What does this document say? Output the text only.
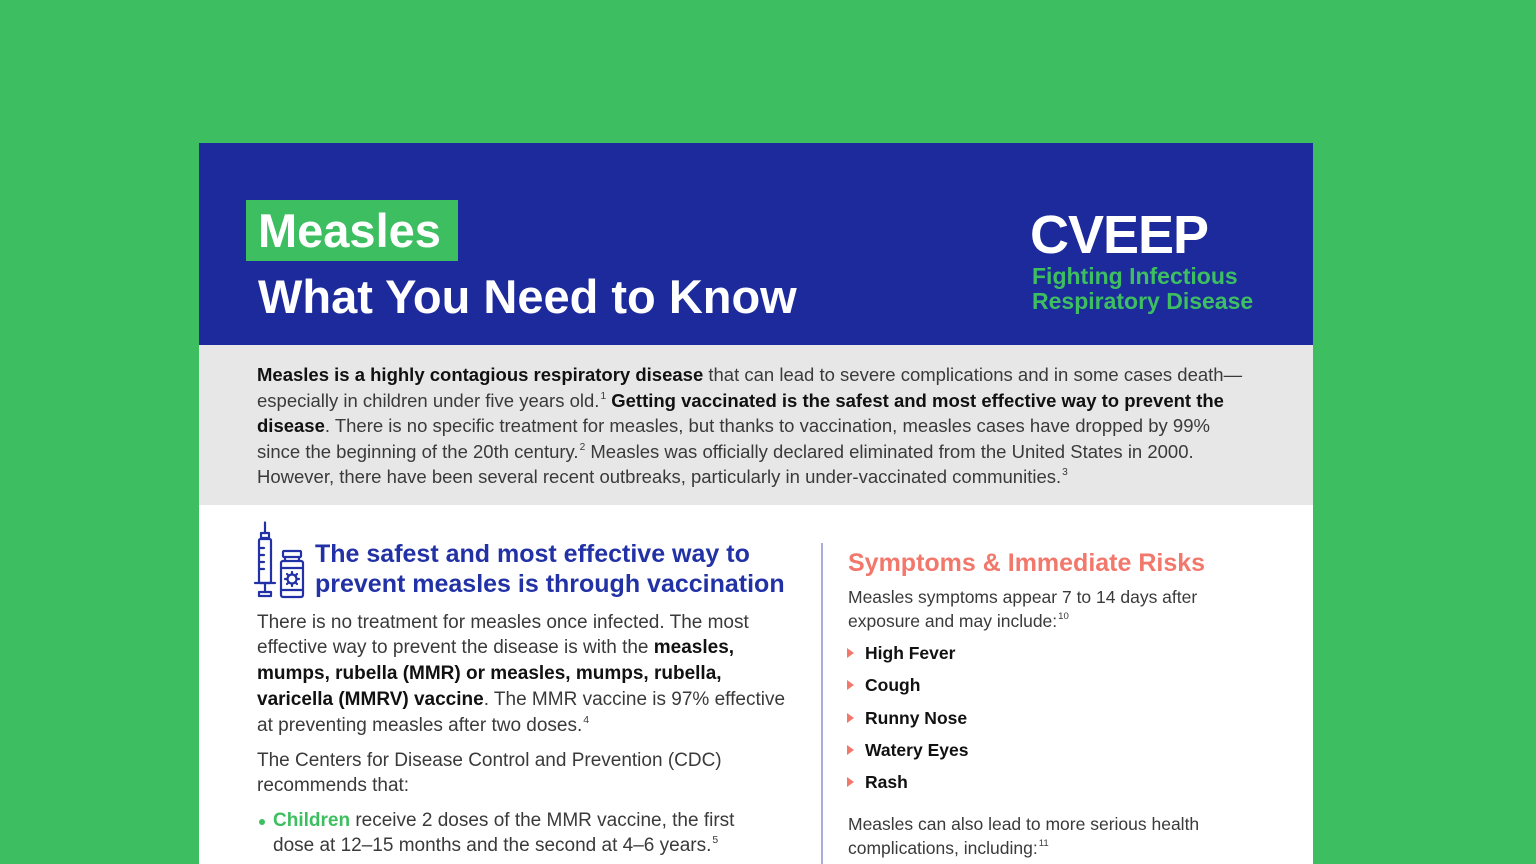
Measles
What You Need to Know
CVEEP
Fighting Infectious
Respiratory Disease
Measles is a highly contagious respiratory disease that can lead to severe complications and in some cases death—
especially in children under five years old.$^1$ Getting vaccinated is the safest and most effective way to prevent the
disease. There is no specific treatment for measles, but thanks to vaccination, measles cases have dropped by 99%
since the beginning of the 20th century.$^2$ Measles was officially declared eliminated from the United States in 2000.
However, there have been several recent outbreaks, particularly in under-vaccinated communities.$^3$
The safest and most effective way to
prevent measles is through vaccination
There is no treatment for measles once infected. The most
effective way to prevent the disease is with the measles,
mumps, rubella (MMR) or measles, mumps, rubella,
varicella (MMRV) vaccine. The MMR vaccine is 97% effective
at preventing measles after two doses.$^4$
The Centers for Disease Control and Prevention (CDC)
recommends that:
Children receive 2 doses of the MMR vaccine, the first
dose at 12–15 months and the second at 4–6 years.$^5$
Symptoms & Immediate Risks
Measles symptoms appear 7 to 14 days after
exposure and may include:$^{10}$
High Fever
Cough
Runny Nose
Watery Eyes
Rash
Measles can also lead to more serious health
complications, including:$^{11}$
